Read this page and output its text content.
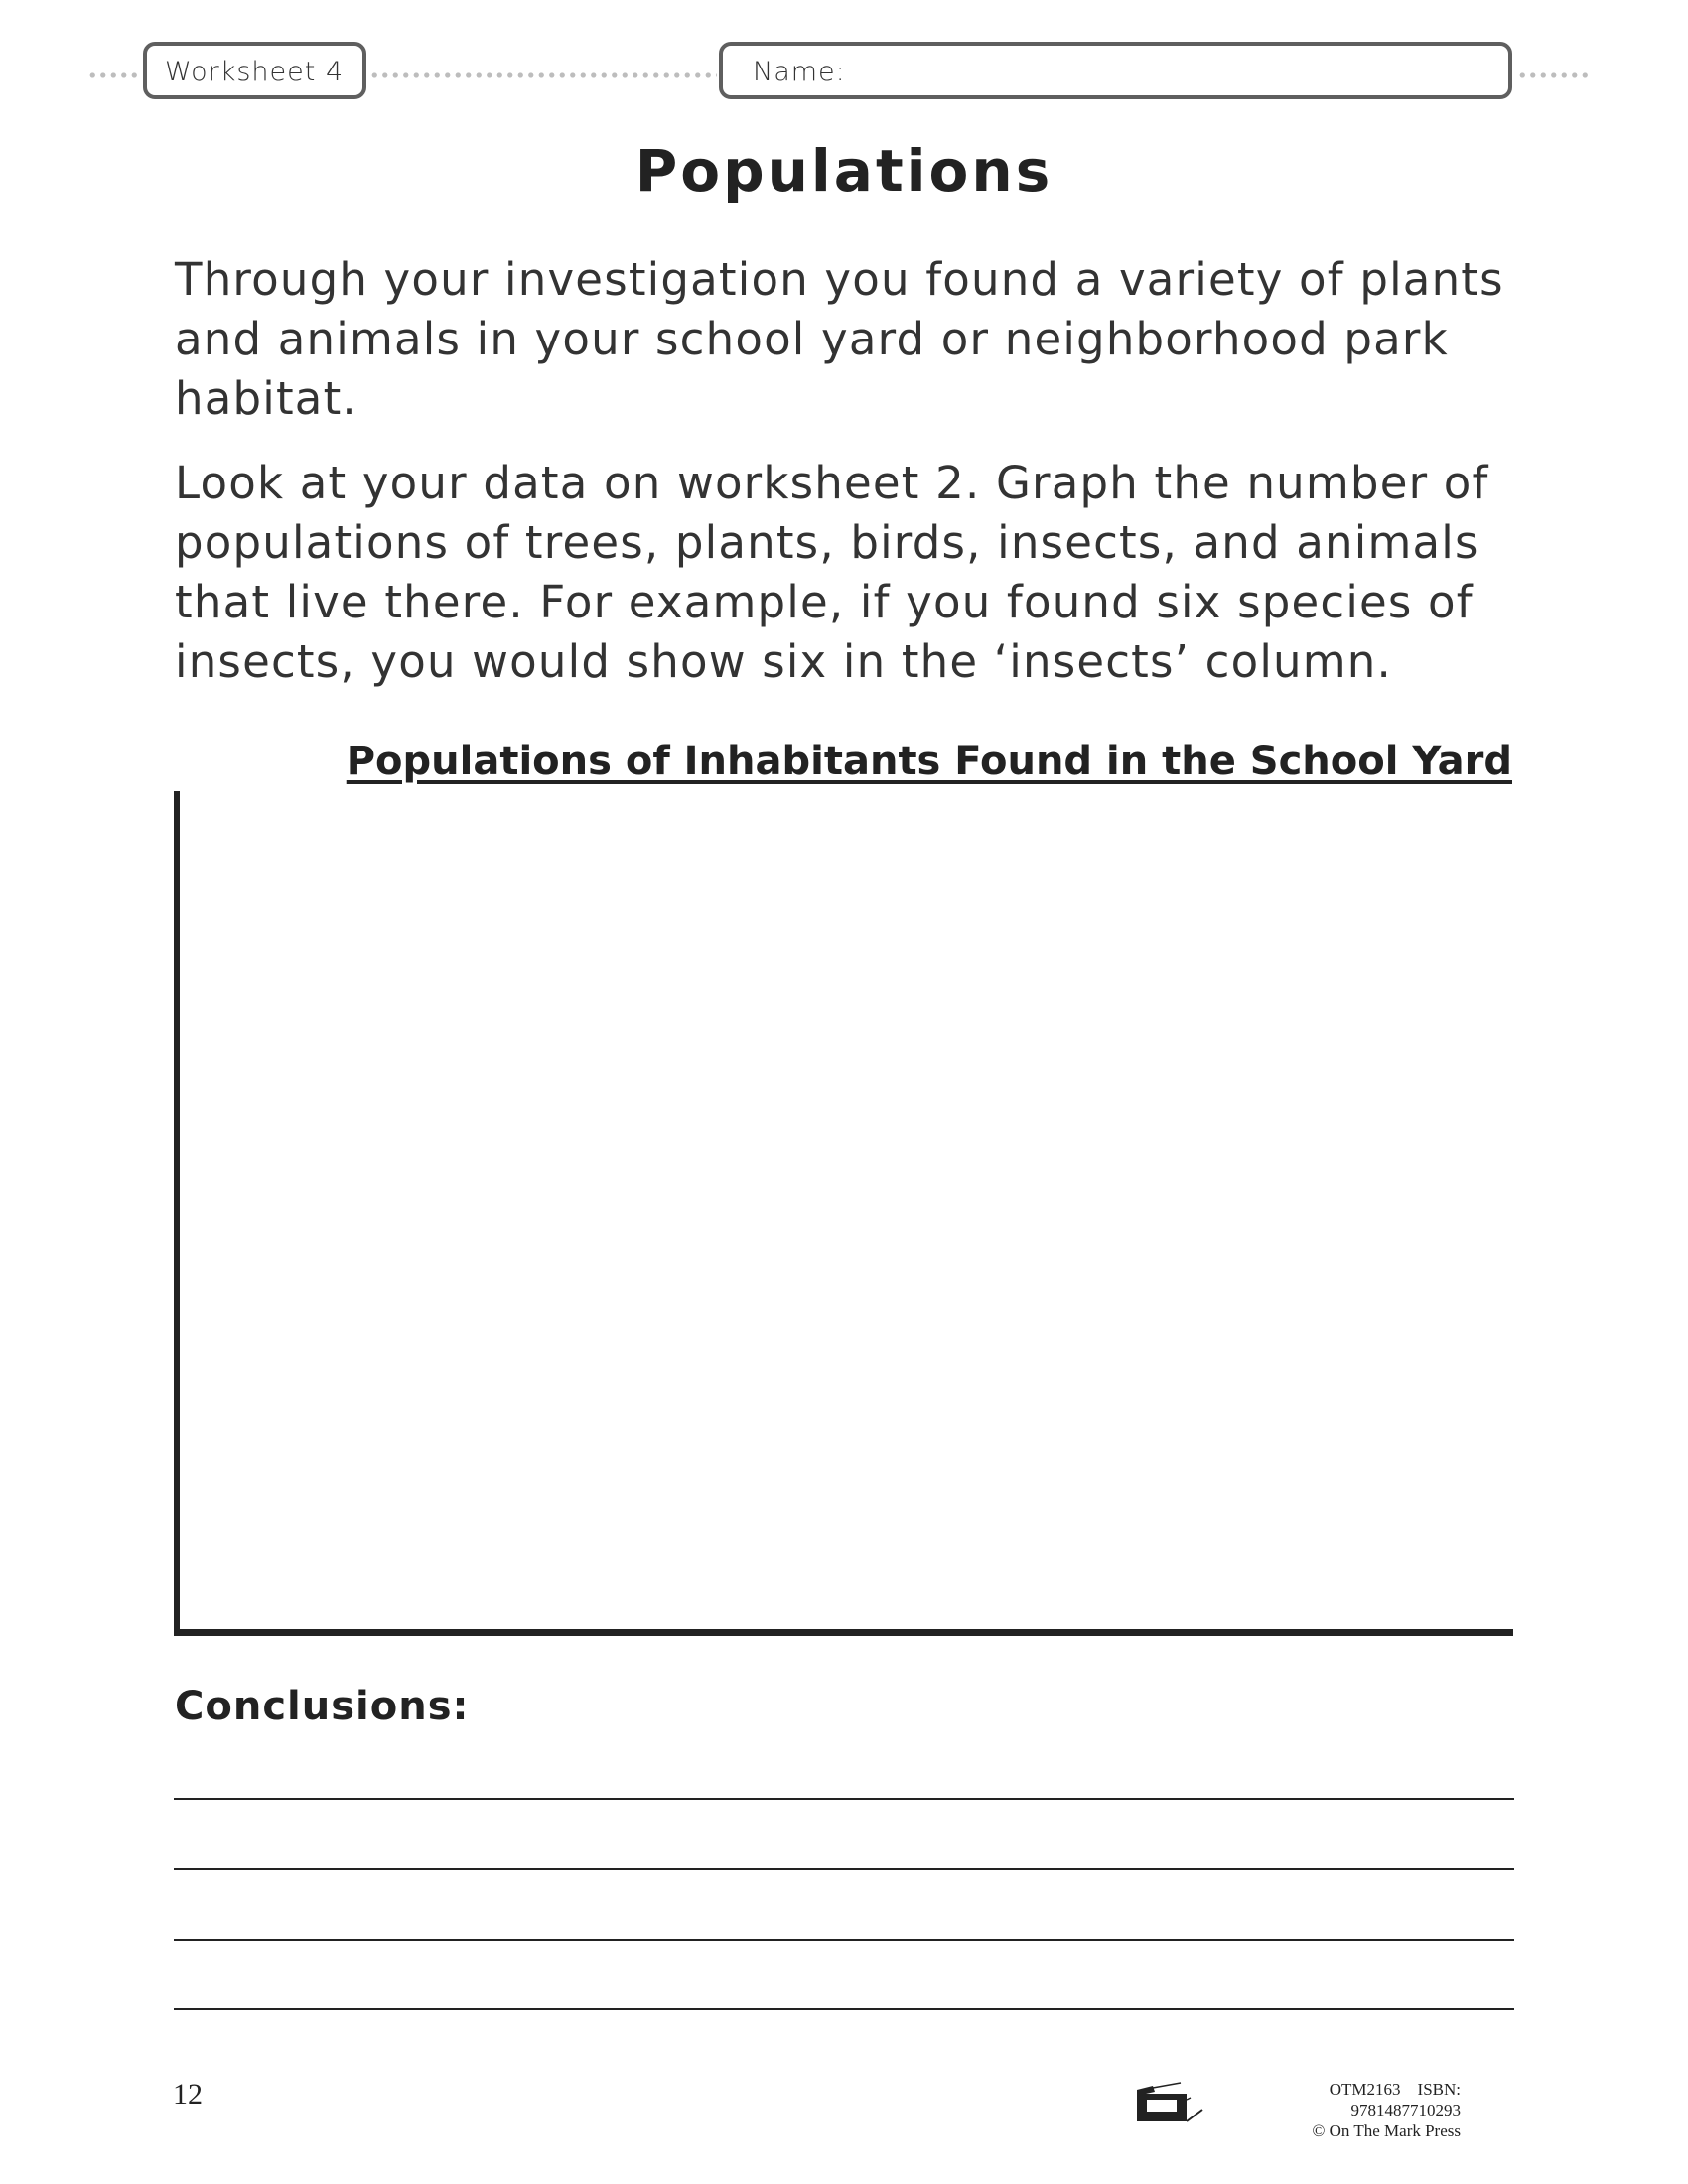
Worksheet 4	Name:
Populations
Through your investigation you found a variety of plants
and animals in your school yard or neighborhood park
habitat.
Look at your data on worksheet 2. Graph the number of
populations of trees, plants, birds, insects, and animals
that live there. For example, if you found six species of
insects, you would show six in the ‘insects’ column.
Populations of Inhabitants Found in the School Yard
Conclusions:
12	OTM2163 ISBN: 9781487710293
© On The Mark Press
